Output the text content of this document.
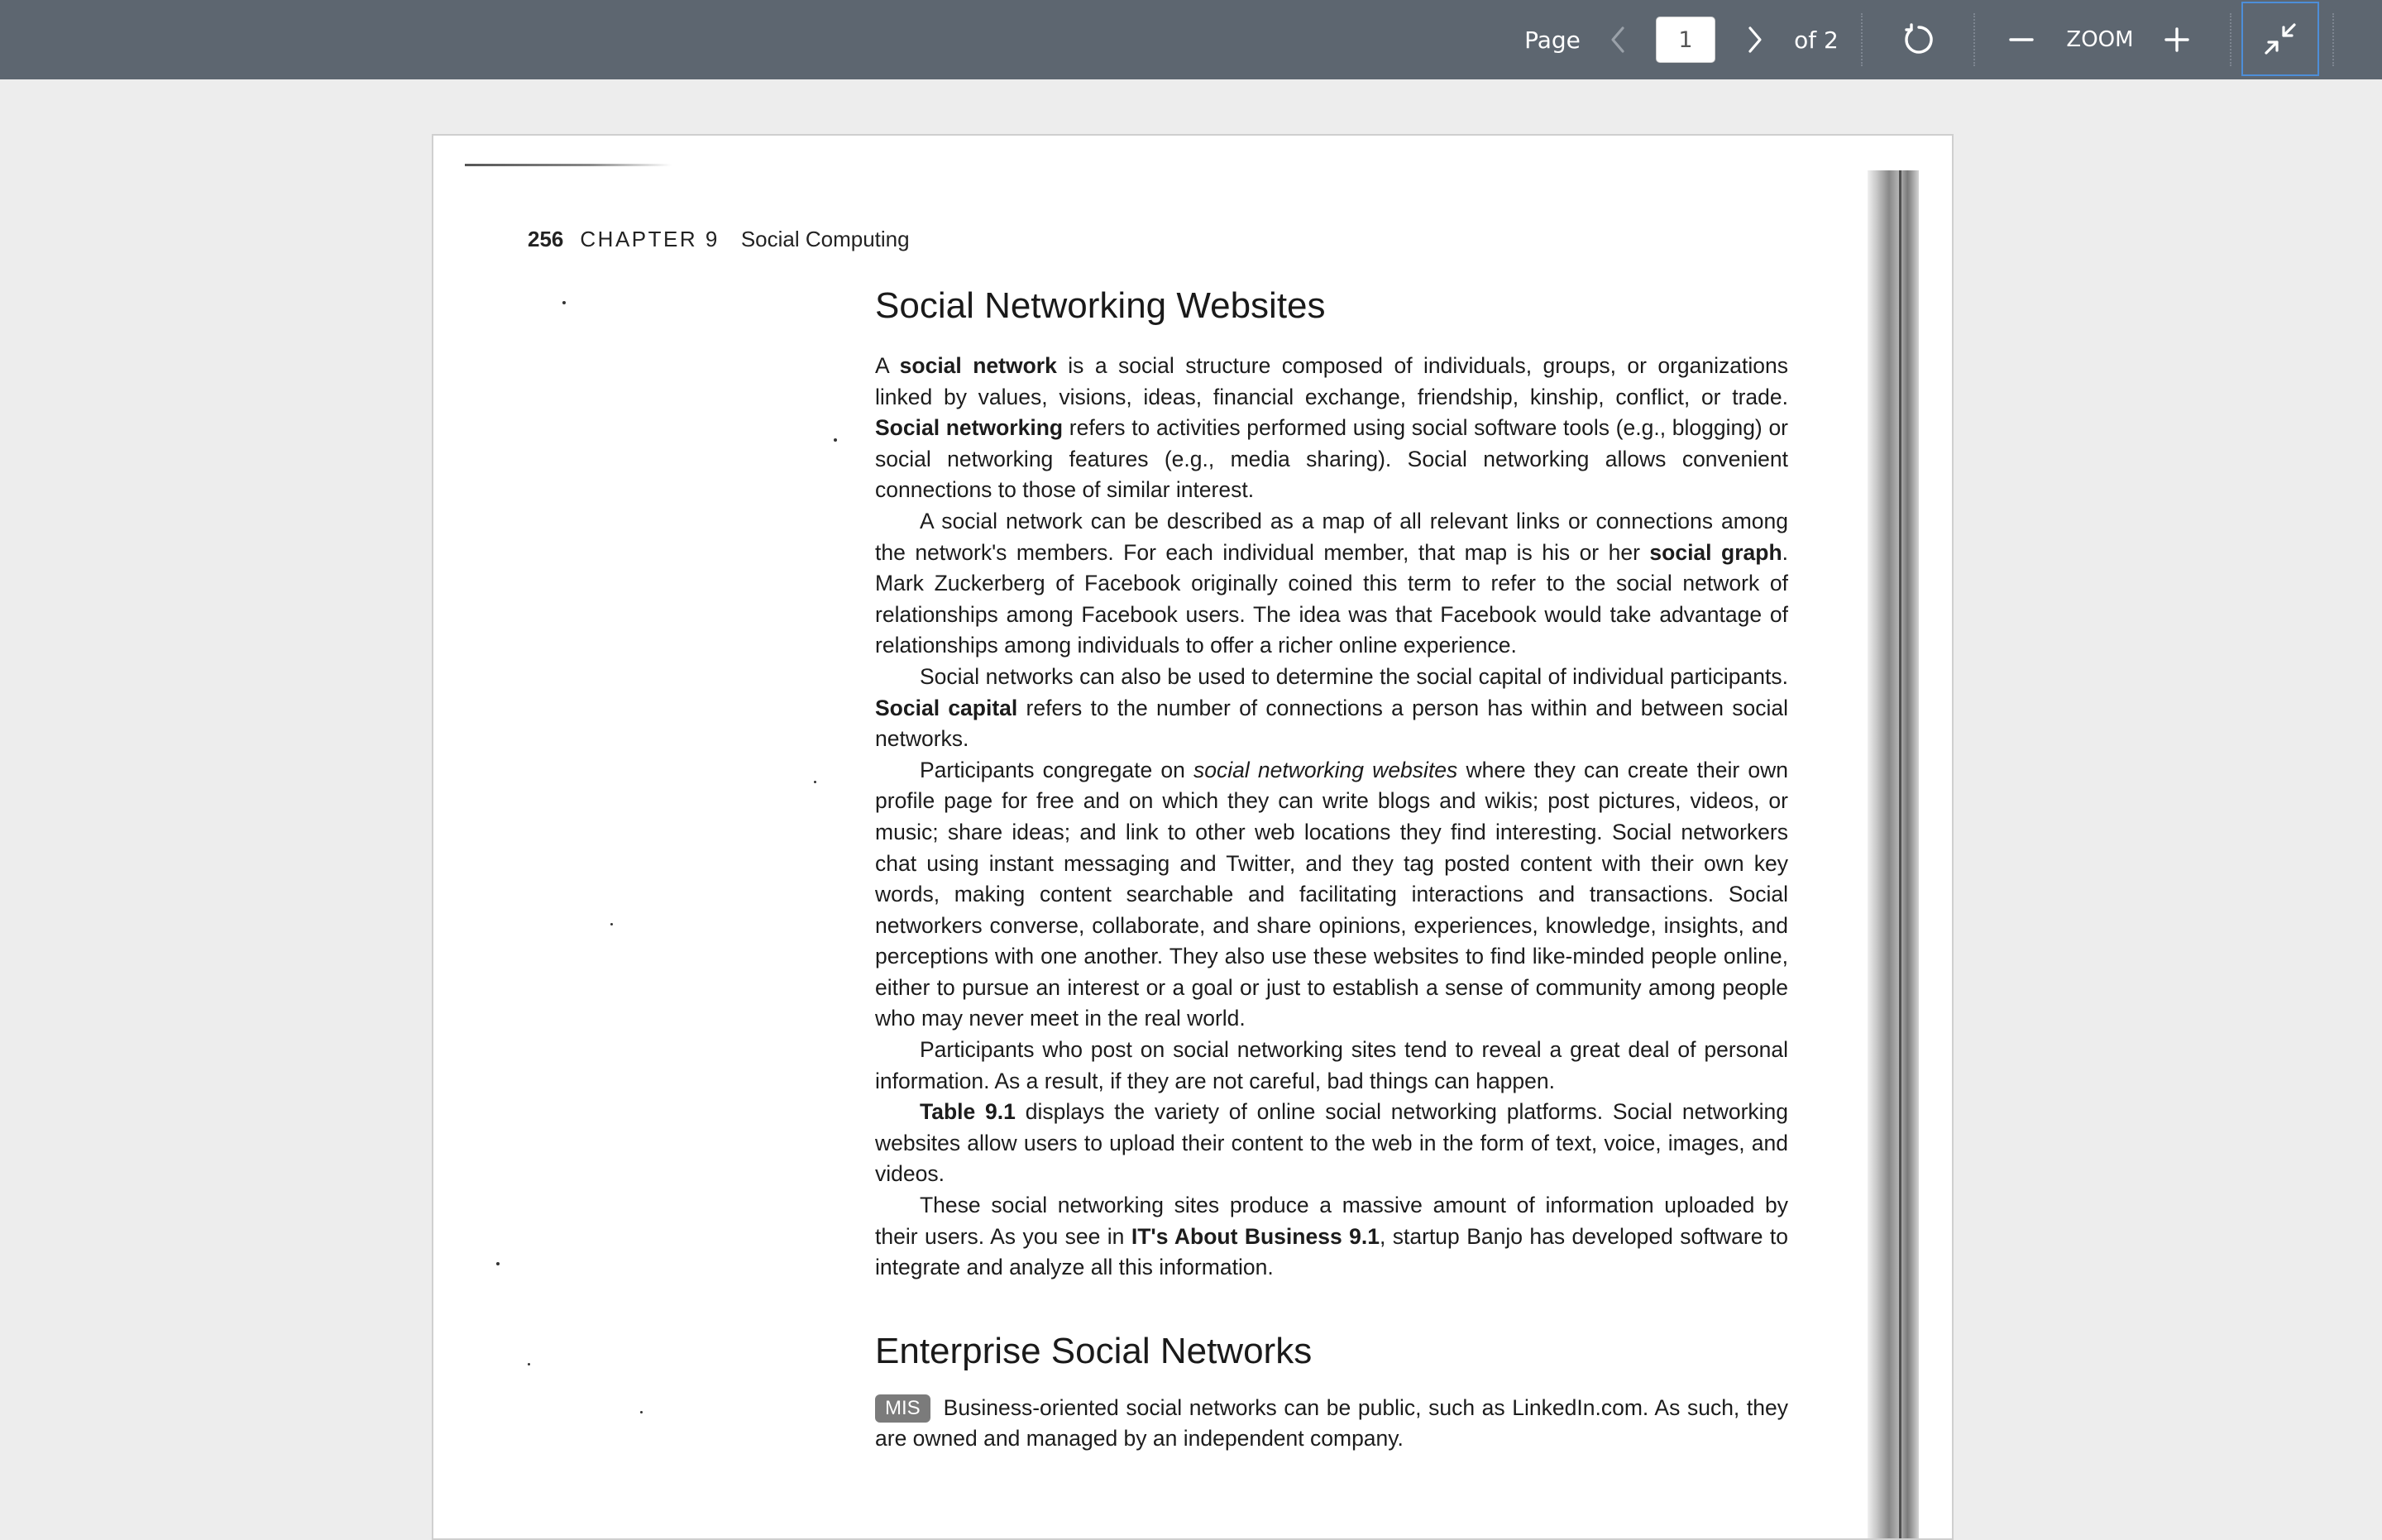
Page
1	of 2	ZOOM
256 CHAPTER 9 Social Computing
Social Networking Websites

A social network is a social structure composed of individuals, groups, or organizations linked by values, visions, ideas, financial exchange, friendship, kinship, conflict, or trade. Social networking refers to activities performed using social software tools (e.g., blogging) or social networking features (e.g., media sharing). Social networking allows convenient connections to those of similar interest.

A social network can be described as a map of all relevant links or connections among the network's members. For each individual member, that map is his or her social graph. Mark Zuckerberg of Facebook originally coined this term to refer to the social network of relationships among Facebook users. The idea was that Facebook would take advantage of relationships among individuals to offer a richer online experience.

Social networks can also be used to determine the social capital of individual participants. Social capital refers to the number of connections a person has within and between social networks.

Participants congregate on social networking websites where they can create their own profile page for free and on which they can write blogs and wikis; post pictures, videos, or music; share ideas; and link to other web locations they find interesting. Social networkers chat using instant messaging and Twitter, and they tag posted content with their own key words, making content searchable and facilitating interactions and transactions. Social networkers converse, collaborate, and share opinions, experiences, knowledge, insights, and perceptions with one another. They also use these websites to find like-minded people online, either to pursue an interest or a goal or just to establish a sense of community among people who may never meet in the real world.

Participants who post on social networking sites tend to reveal a great deal of personal information. As a result, if they are not careful, bad things can happen.

Table 9.1 displays the variety of online social networking platforms. Social networking websites allow users to upload their content to the web in the form of text, voice, images, and videos.

These social networking sites produce a massive amount of information uploaded by their users. As you see in IT's About Business 9.1, startup Banjo has developed software to integrate and analyze all this information.

Enterprise Social Networks

MIS Business-oriented social networks can be public, such as LinkedIn.com. As such, they are owned and managed by an independent company.
